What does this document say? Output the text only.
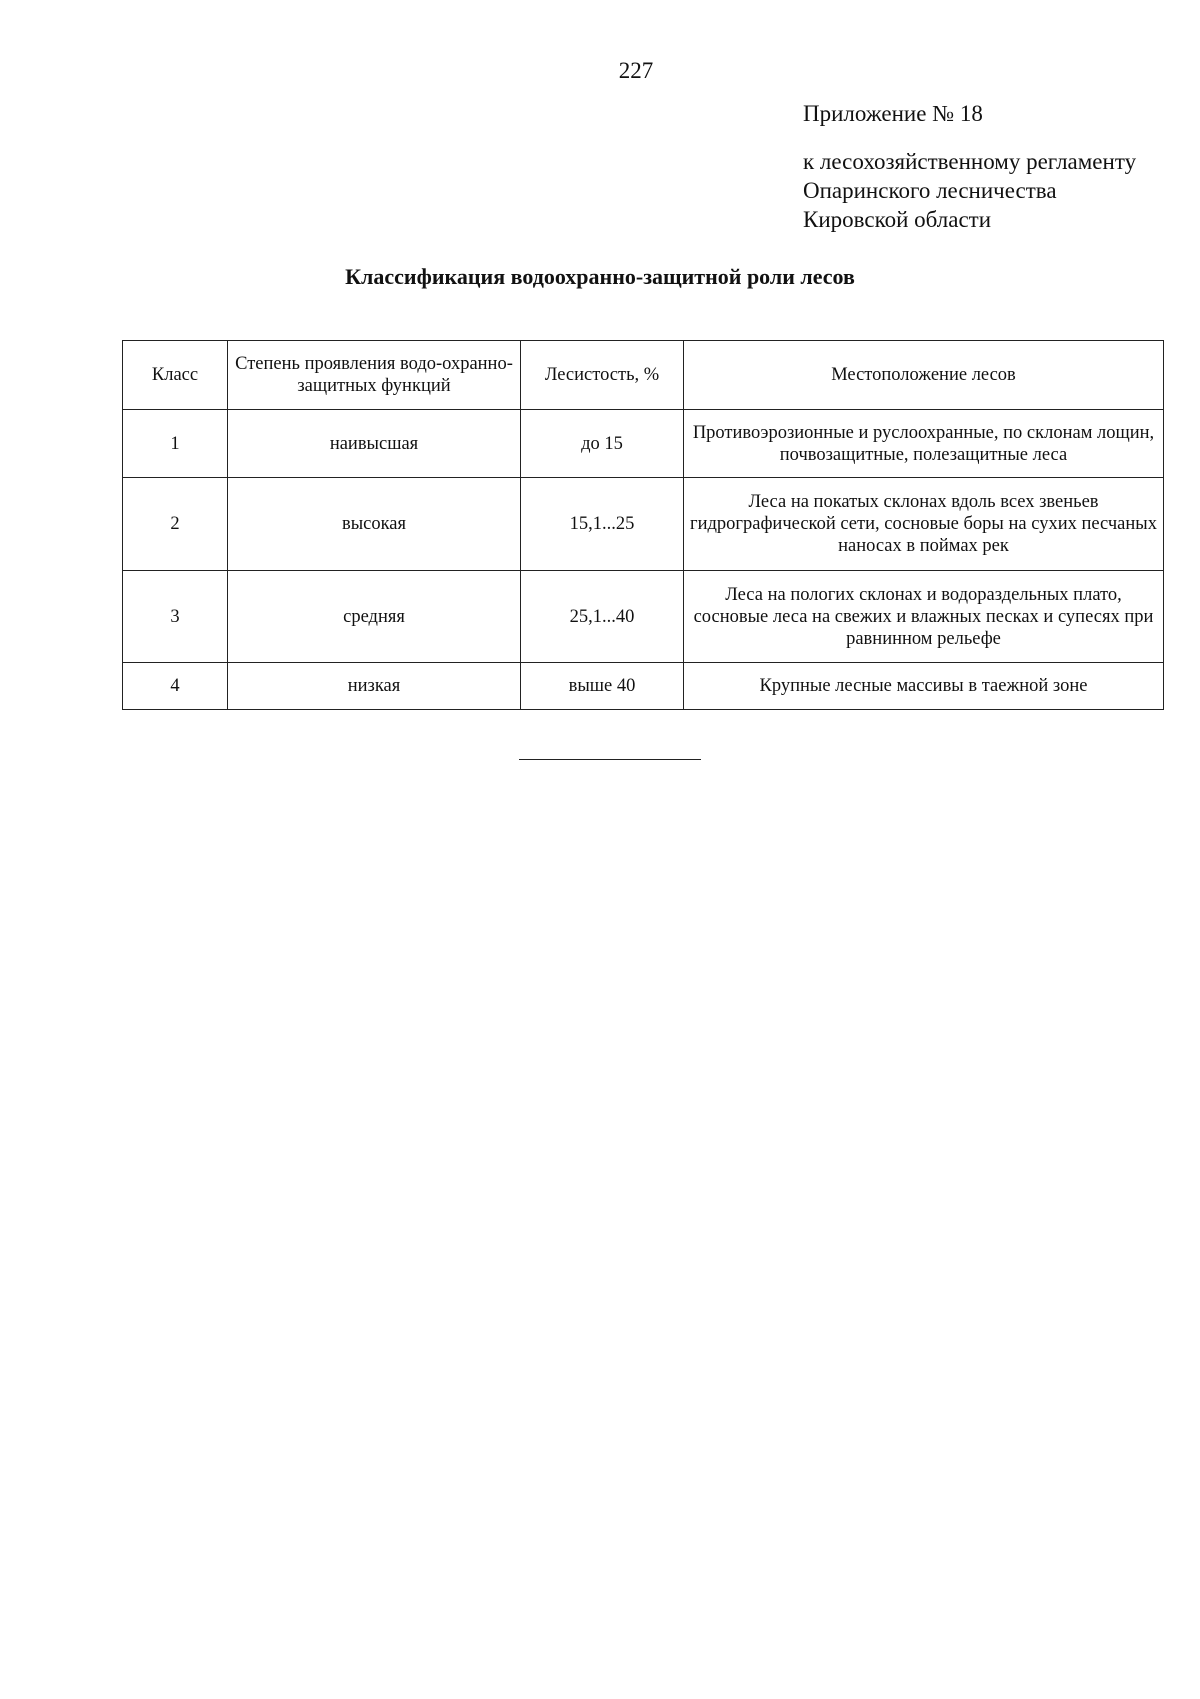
227
Приложение № 18
к лесохозяйственному регламенту
Опаринского лесничества
Кировской области
Классификация водоохранно-защитной роли лесов
Класс	Степень проявления водо-охранно-защитных функций	Лесистость, %	Местоположение лесов
1	наивысшая	до 15	Противоэрозионные и руслоохранные, по склонам лощин, почвозащитные, полезащитные леса
2	высокая	15,1...25	Леса на покатых склонах вдоль всех звеньев гидрографической сети, сосновые боры на сухих песчаных наносах в поймах рек
3	средняя	25,1...40	Леса на пологих склонах и водораздельных плато, сосновые леса на свежих и влажных песках и супесях при равнинном рельефе
4	низкая	выше 40	Крупные лесные массивы в таежной зоне
